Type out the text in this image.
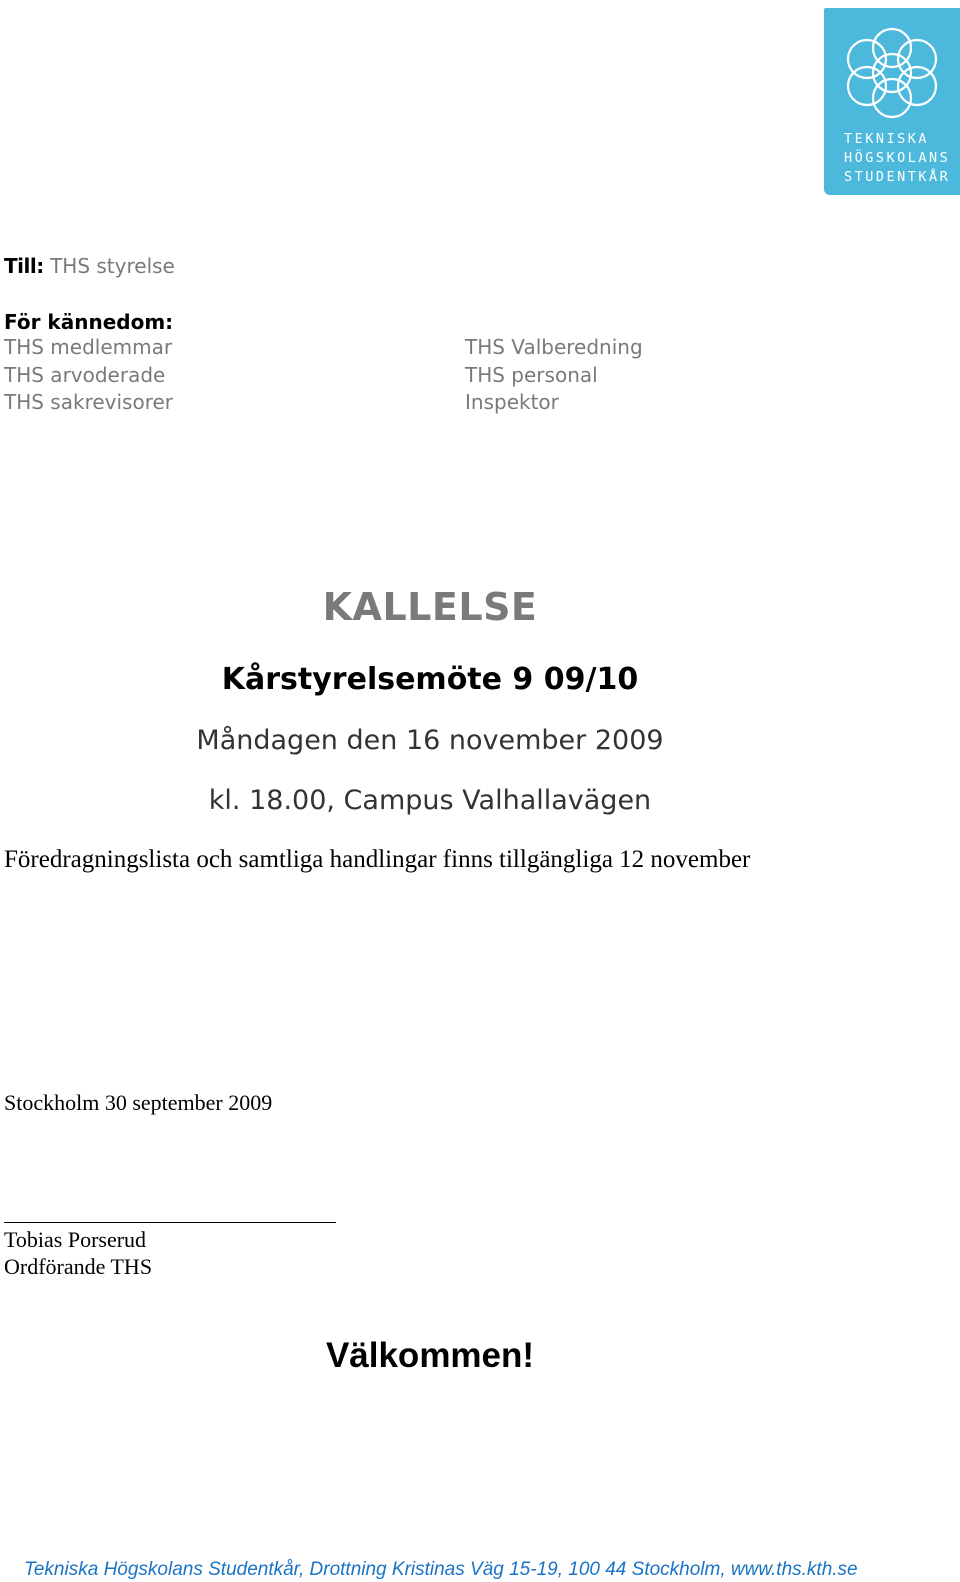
TEKNISKA
HÖGSKOLANS
STUDENTKÅR
Till: THS styrelse
För kännedom:
THS medlemmar
THS arvoderade
THS sakrevisorer
THS Valberedning
THS personal
Inspektor
KALLELSE
Kårstyrelsemöte 9 09/10
Måndagen den 16 november 2009
kl. 18.00, Campus Valhallavägen
Föredragningslista och samtliga handlingar finns tillgängliga 12 november
Stockholm 30 september 2009
Tobias Porserud
Ordförande THS
Välkommen!
Tekniska Högskolans Studentkår, Drottning Kristinas Väg 15-19, 100 44 Stockholm, www.ths.kth.se
